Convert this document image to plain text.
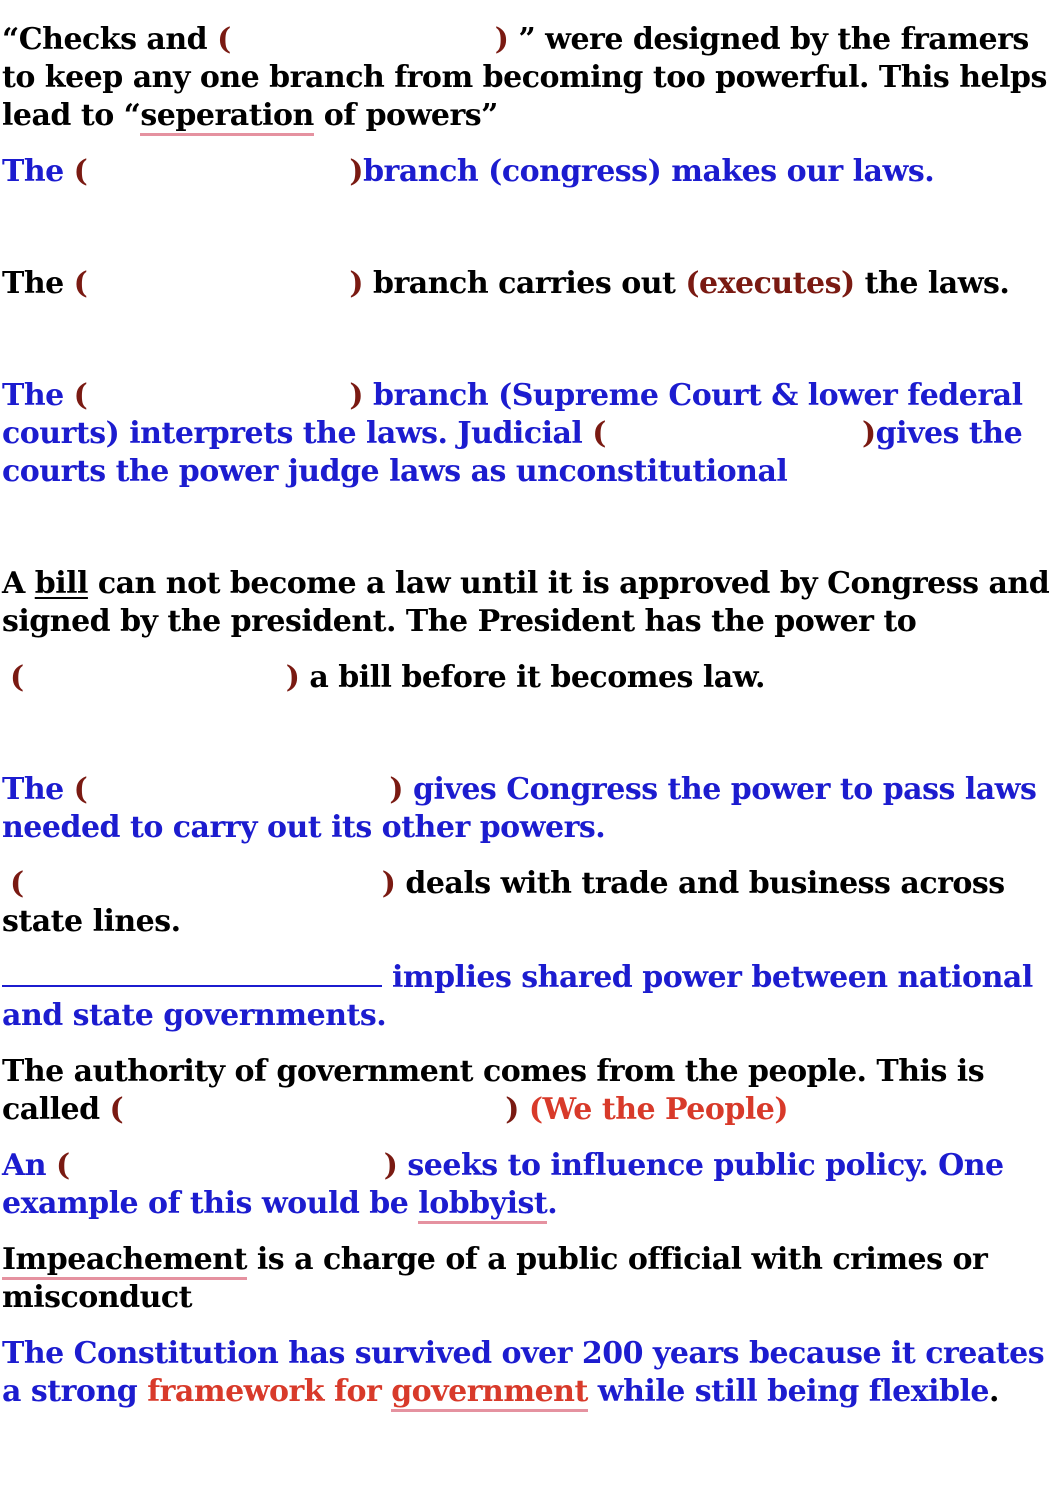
“Checks and (	) ” were designed by the framers
to keep any one branch from becoming too powerful. This helps
lead to “seperation of powers”

The (	)branch (congress) makes our laws.

The (	) branch carries out (executes) the laws.

The (	) branch (Supreme Court & lower federal
courts) interprets the laws. Judicial (	)gives the
courts the power judge laws as unconstitutional

A bill can not become a law until it is approved by Congress and
signed by the president. The President has the power to

(	) a bill before it becomes law.

The (	) gives Congress the power to pass laws
needed to carry out its other powers.

(	) deals with trade and business across
state lines.

implies shared power between national
and state governments.

The authority of government comes from the people. This is
called (	) (We the People)

An (	) seeks to influence public policy. One
example of this would be lobbyist.

Impeachement is a charge of a public official with crimes or
misconduct

The Constitution has survived over 200 years because it creates
a strong framework for government while still being flexible.
